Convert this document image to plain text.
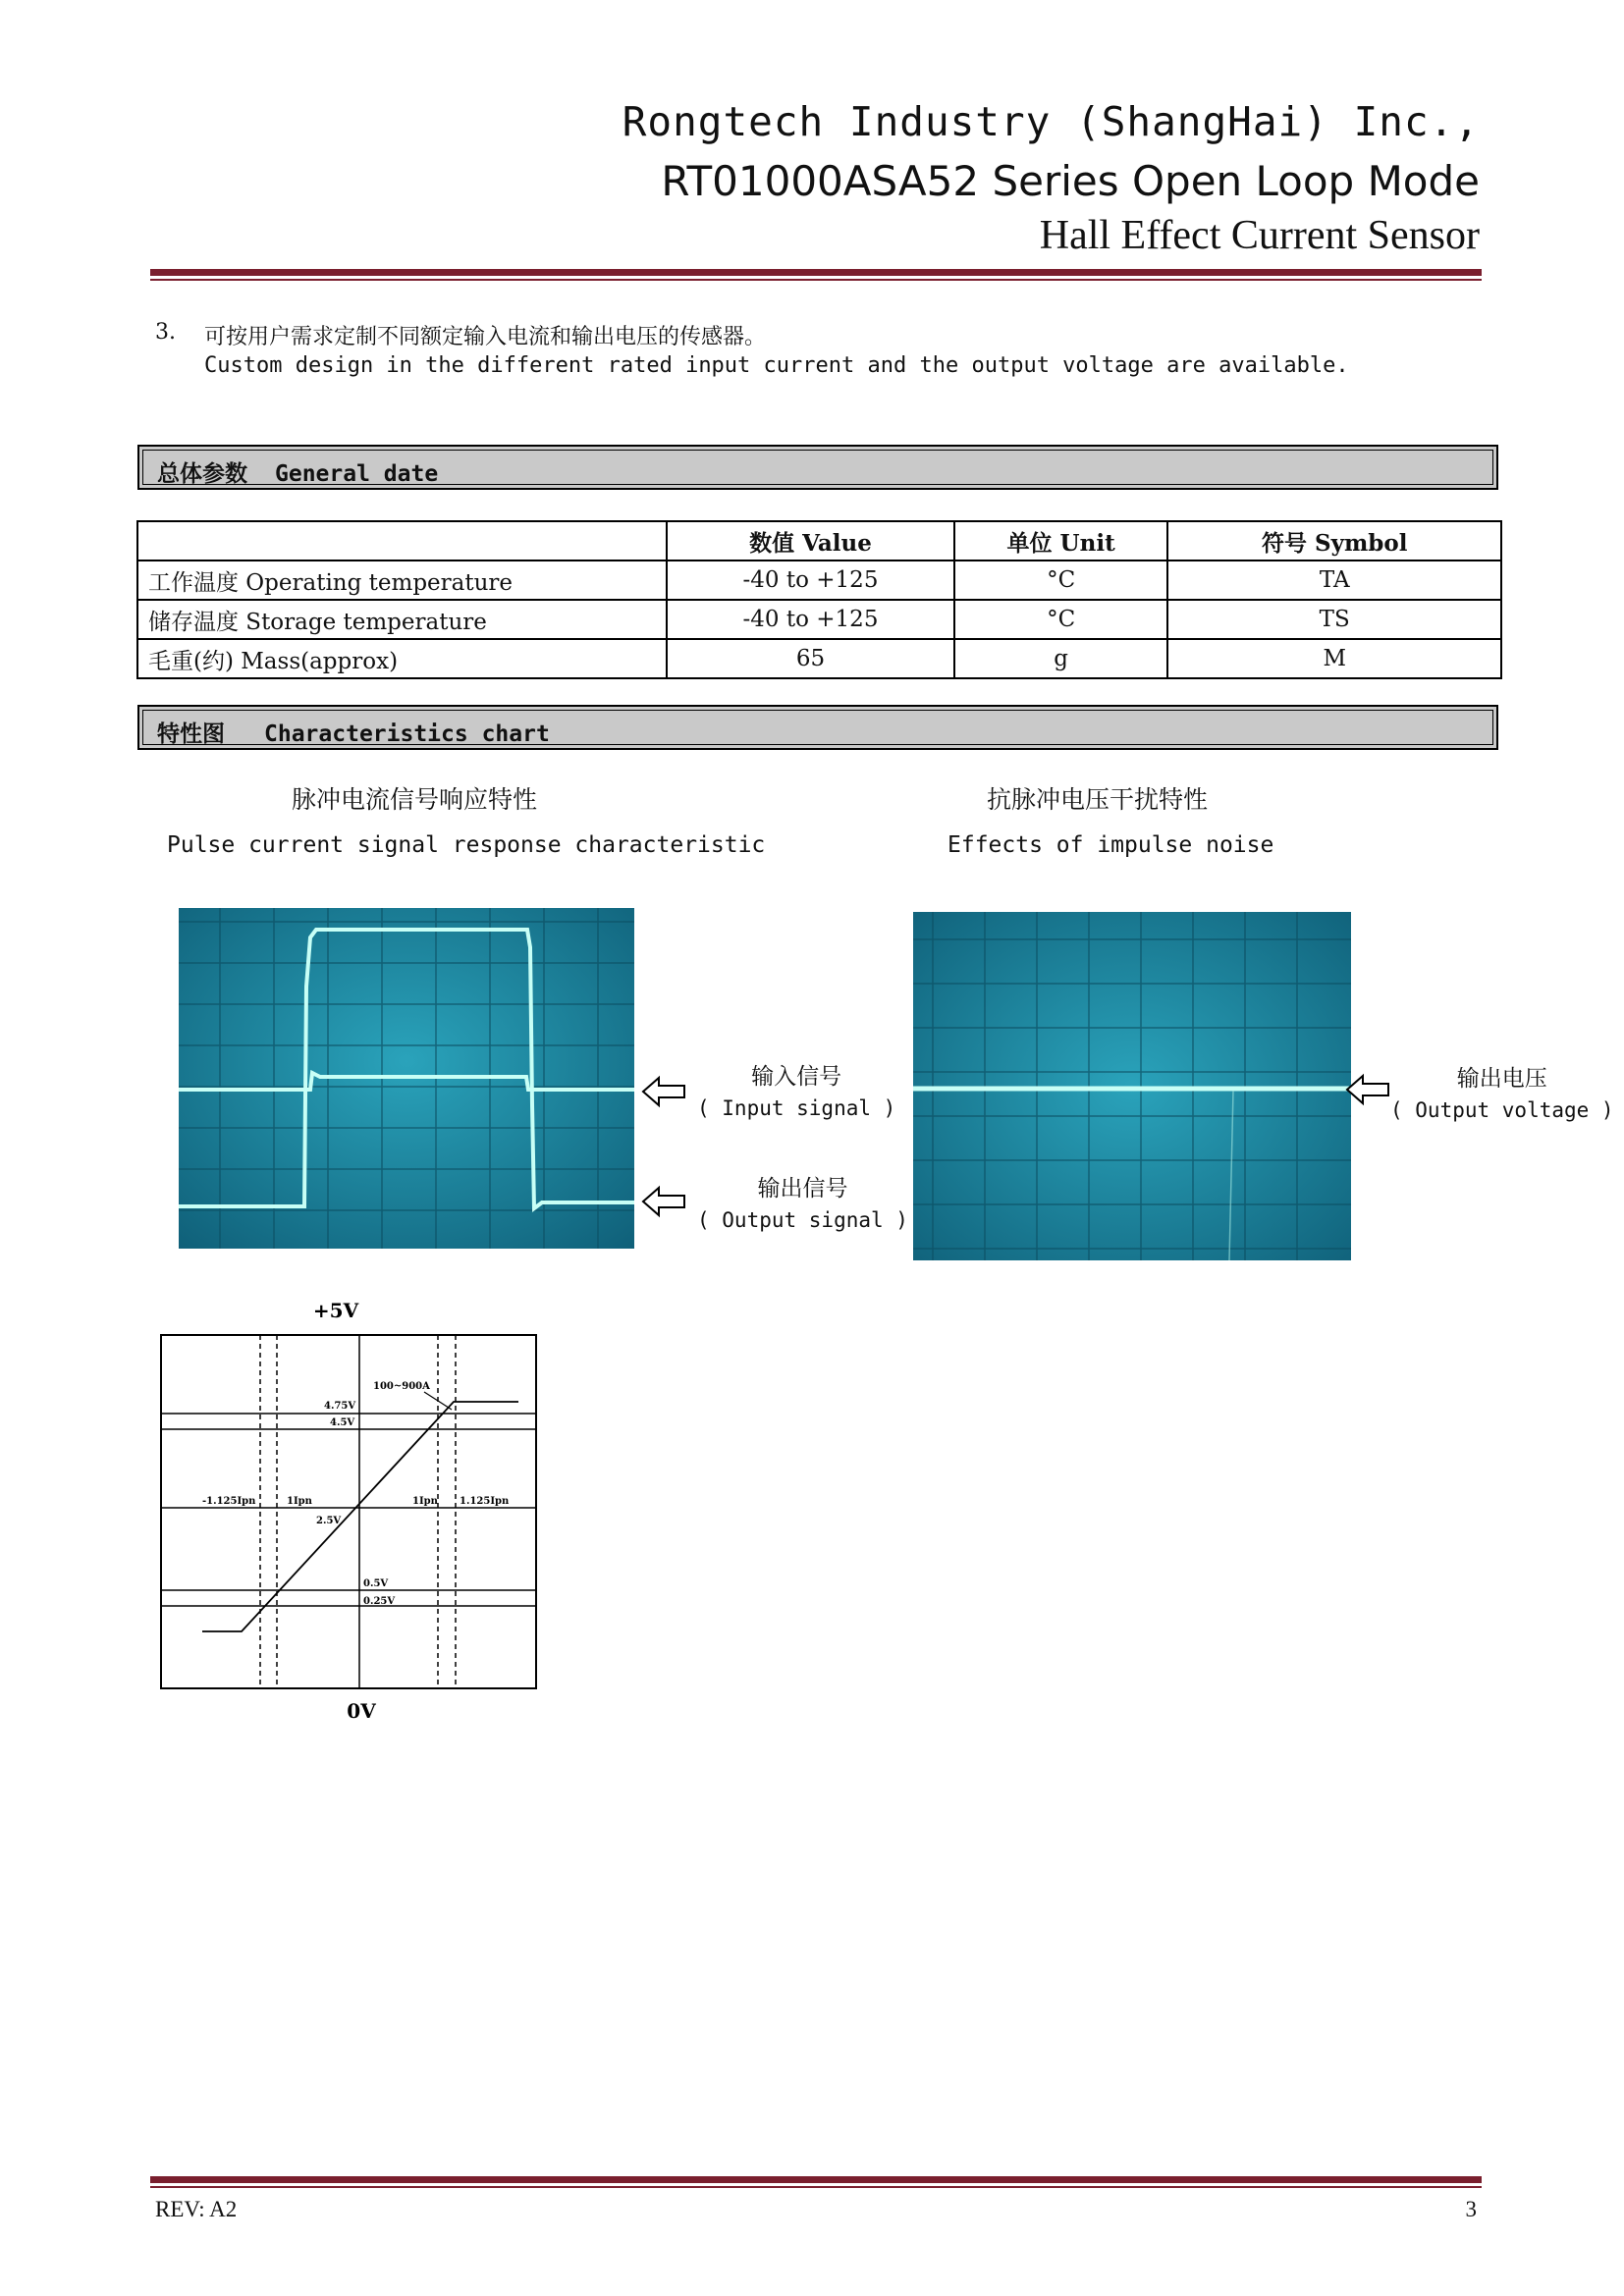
Rongtech Industry (ShangHai) Inc.,
RT01000ASA52 Series Open Loop Mode
Hall Effect Current Sensor
3. 可按用户需求定制不同额定输入电流和输出电压的传感器。
Custom design in the different rated input current and the output voltage are available.
总体参数 General date
	数值 Value	单位 Unit	符号 Symbol
工作温度 Operating temperature	-40 to +125	°C	TA
储存温度 Storage temperature	-40 to +125	°C	TS
毛重(约) Mass(approx)	65	g	M
特性图 Characteristics chart
脉冲电流信号响应特性
Pulse current signal response characteristic
抗脉冲电压干扰特性
Effects of impulse noise
输入信号
( Input signal )
输出信号
( Output signal )
输出电压
( Output voltage )
+5V
100~900A
4.75V
4.5V
-1.125Ipn	1Ipn	1Ipn 1.125Ipn
2.5V
0.5V
0.25V
0V
REV: A2	3
